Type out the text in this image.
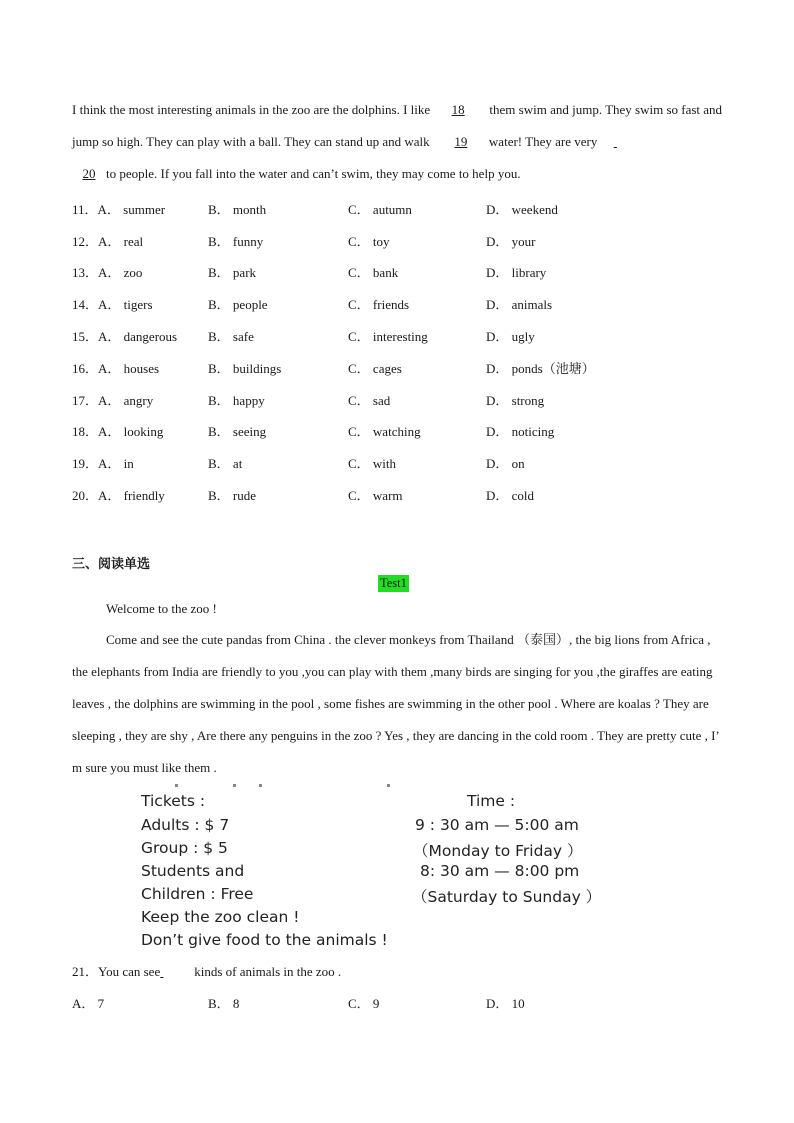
I think the most interesting animals in the zoo are the dolphins. I like 18 them swim and jump. They swim so fast and jump so high. They can play with a ball. They can stand up and walk 19 water! They are very
20 to people. If you fall into the water and can’t swim, they may come to help you.
11．A． summer	B． month	C． autumn	D． weekend
12．A． real	B． funny	C． toy	D． your
13．A． zoo	B． park	C． bank	D． library
14．A． tigers	B． people	C． friends	D． animals
15．A． dangerous B． safe	C． interesting	D． ugly
16．A． houses	B． buildings	C． cages	D． ponds（池塘）
17．A． angry	B． happy	C． sad	D． strong
18．A． looking	B． seeing	C． watching	D． noticing
19．A． in	B． at	C． with	D． on
20．A． friendly	B． rude	C． warm	D． cold
三、阅读单选
Test1
Welcome to the zoo !
Come and see the cute pandas from China . the clever monkeys from Thailand （泰国）, the big lions from Africa , the elephants from India are friendly to you ,you can play with them ,many birds are singing for you ,the giraffes are eating leaves , the dolphins are swimming in the pool , some fishes are swimming in the other pool . Where are koalas ? They are sleeping , they are shy , Are there any penguins in the zoo ? Yes , they are dancing in the cold room . They are pretty cute , I’ m sure you must like them .
Tickets :	Time :
Adults : $ 7	9 : 30 am — 5:00 am
Group : $ 5	（Monday to Friday ）
Students and	8: 30 am — 8:00 pm
Children : Free	（Saturday to Sunday ）
Keep the zoo clean !
Don’t give food to the animals !
21．You can see	kinds of animals in the zoo .
A． 7	B． 8	C． 9	D． 10
